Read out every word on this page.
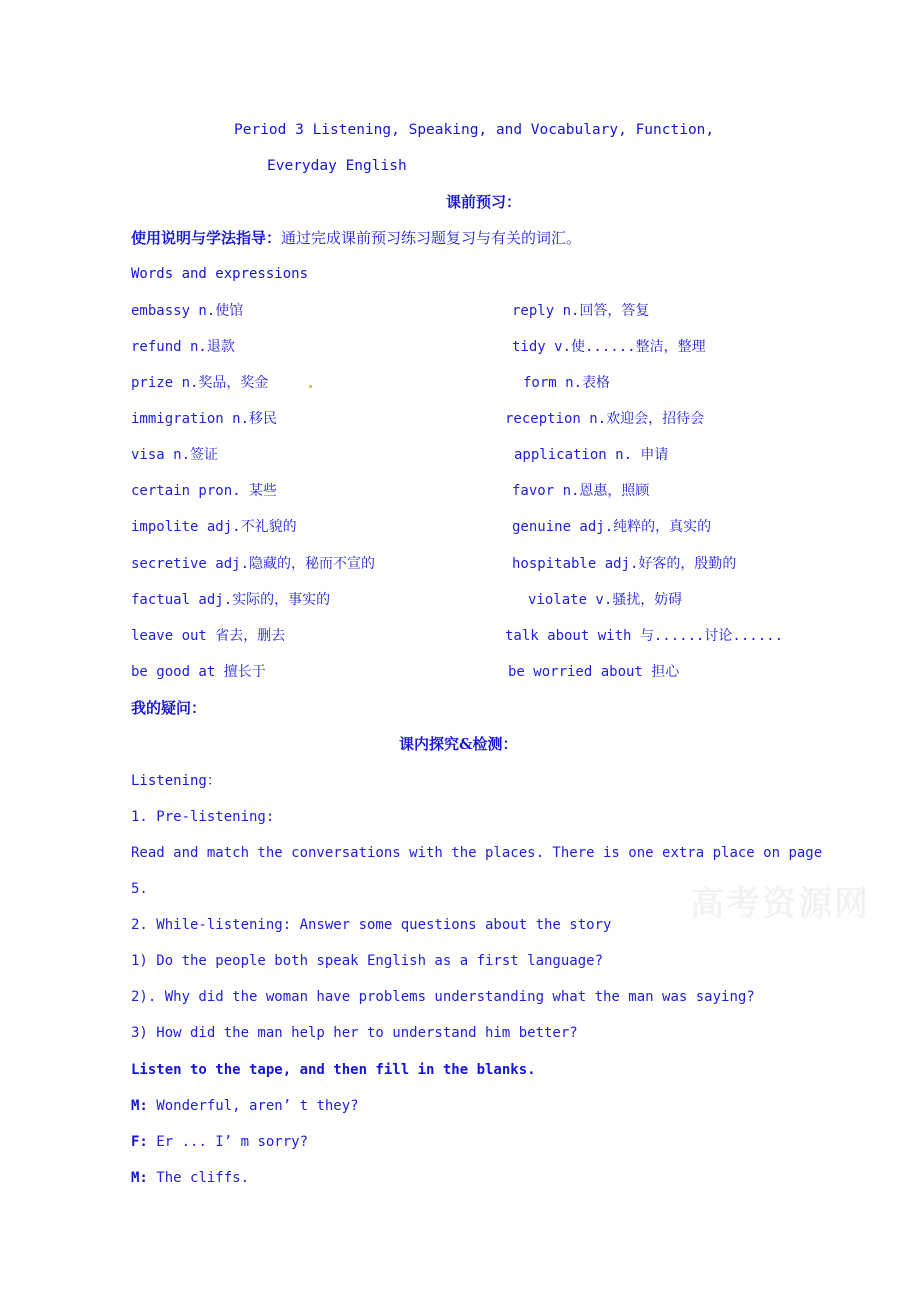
Period 3 Listening, Speaking, and Vocabulary, Function,
Everyday English
课前预习：
使用说明与学法指导：通过完成课前预习练习题复习与有关的词汇。
Words and expressions
embassy n.使馆	reply n.回答，答复
refund n.退款	tidy v.使......整洁，整理
prize n.奖品，奖金	form n.表格
immigration n.移民	reception n.欢迎会，招待会
visa n.签证	application n. 申请
certain pron. 某些	favor n.恩惠，照顾
impolite adj.不礼貌的	genuine adj.纯粹的，真实的
secretive adj.隐藏的，秘而不宣的	hospitable adj.好客的，殷勤的
factual adj.实际的，事实的	violate v.骚扰，妨碍
leave out 省去，删去	talk about with 与......讨论......
be good at 擅长于	be worried about 担心
我的疑问：
课内探究&检测：
Listening：
1. Pre-listening:
Read and match the conversations with the places. There is one extra place on page
5.	高考资源网
2. While-listening: Answer some questions about the story
1) Do the people both speak English as a first language?
2). Why did the woman have problems understanding what the man was saying?
3) How did the man help her to understand him better?
Listen to the tape, and then fill in the blanks.
M: Wonderful, aren’ t they?
F: Er ... I’ m sorry?
M: The cliffs.
